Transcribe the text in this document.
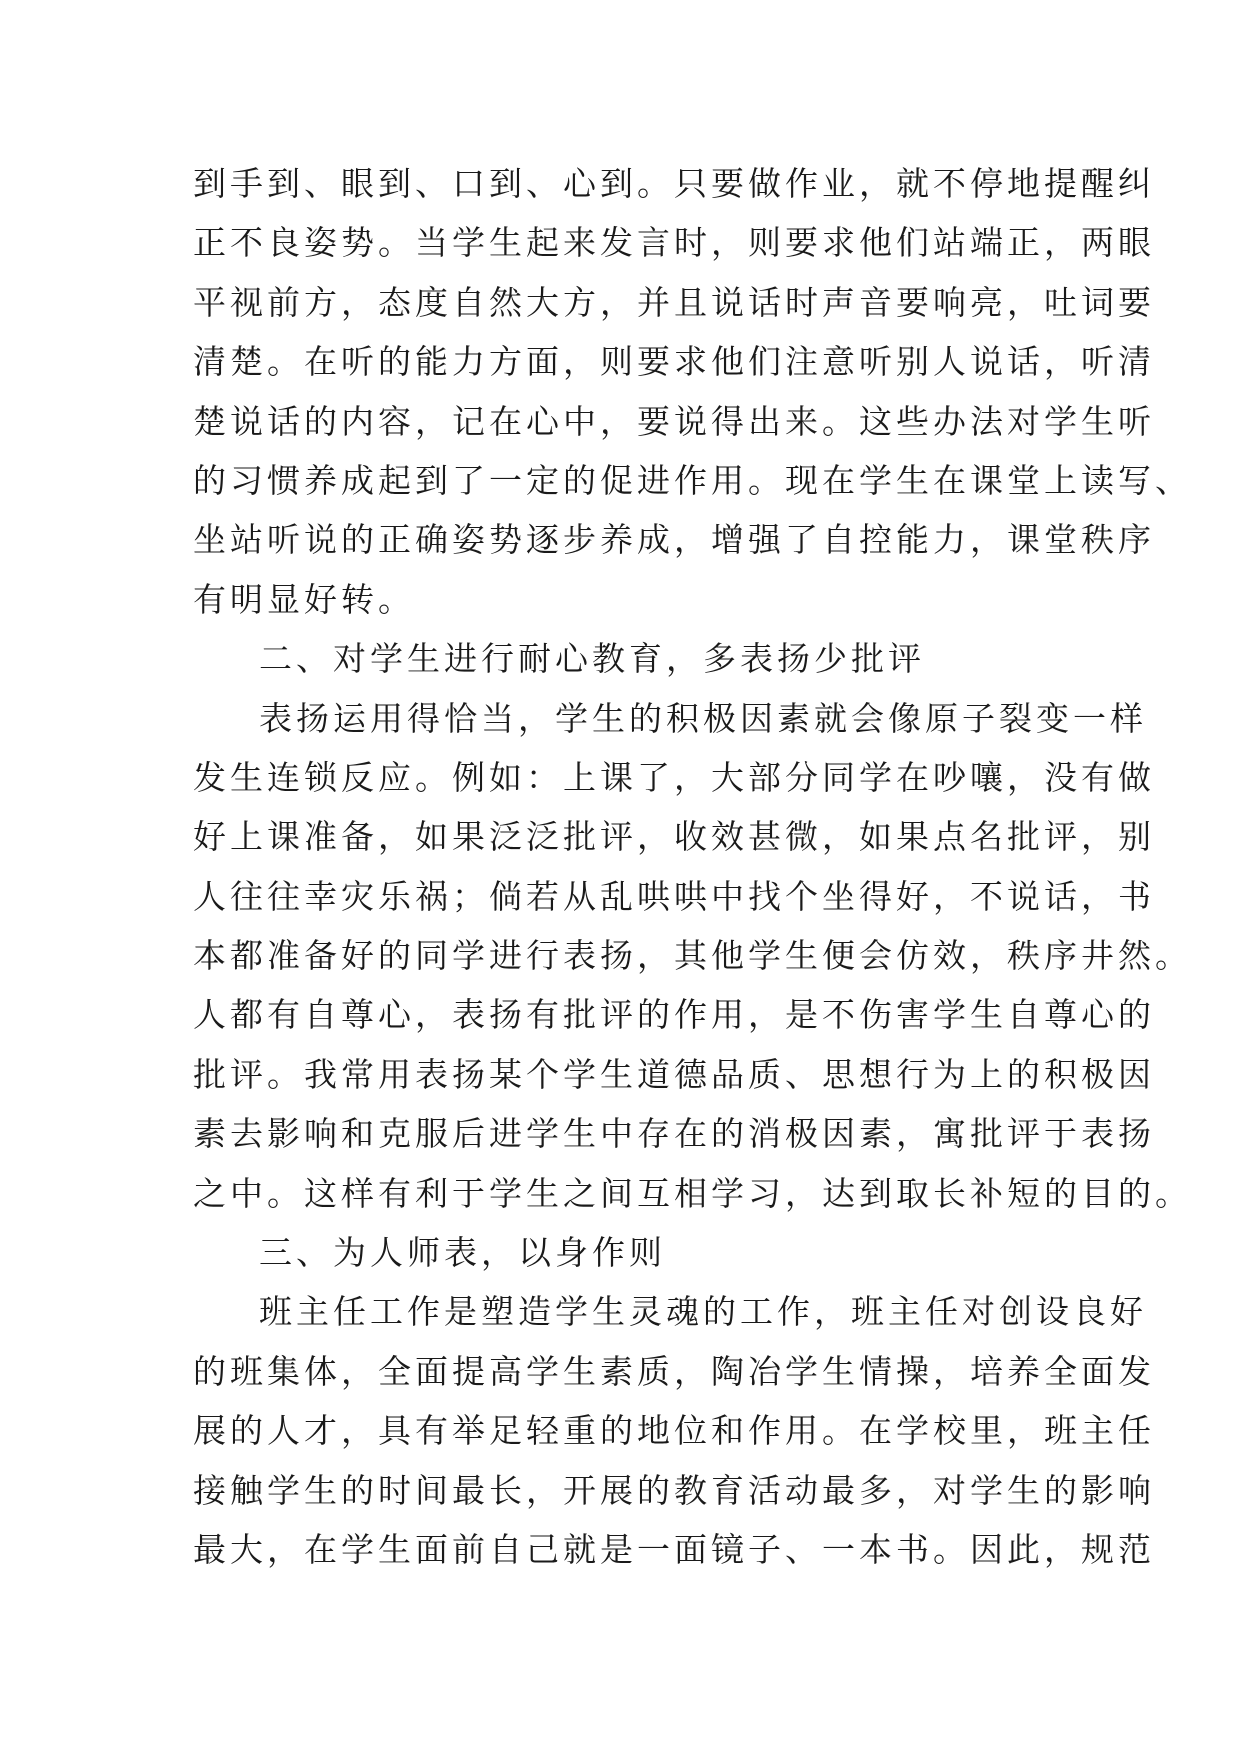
到手到、眼到、口到、心到。只要做作业，就不停地提醒纠
正不良姿势。当学生起来发言时，则要求他们站端正，两眼
平视前方，态度自然大方，并且说话时声音要响亮，吐词要
清楚。在听的能力方面，则要求他们注意听别人说话，听清
楚说话的内容，记在心中，要说得出来。这些办法对学生听
的习惯养成起到了一定的促进作用。现在学生在课堂上读写、
坐站听说的正确姿势逐步养成，增强了自控能力，课堂秩序
有明显好转。
二、对学生进行耐心教育，多表扬少批评
表扬运用得恰当，学生的积极因素就会像原子裂变一样
发生连锁反应。例如：上课了，大部分同学在吵嚷，没有做
好上课准备，如果泛泛批评，收效甚微，如果点名批评，别
人往往幸灾乐祸；倘若从乱哄哄中找个坐得好，不说话，书
本都准备好的同学进行表扬，其他学生便会仿效，秩序井然。
人都有自尊心，表扬有批评的作用，是不伤害学生自尊心的
批评。我常用表扬某个学生道德品质、思想行为上的积极因
素去影响和克服后进学生中存在的消极因素，寓批评于表扬
之中。这样有利于学生之间互相学习，达到取长补短的目的。
三、为人师表，以身作则
班主任工作是塑造学生灵魂的工作，班主任对创设良好
的班集体，全面提高学生素质，陶冶学生情操，培养全面发
展的人才，具有举足轻重的地位和作用。在学校里，班主任
接触学生的时间最长，开展的教育活动最多，对学生的影响
最大，在学生面前自己就是一面镜子、一本书。因此，规范
